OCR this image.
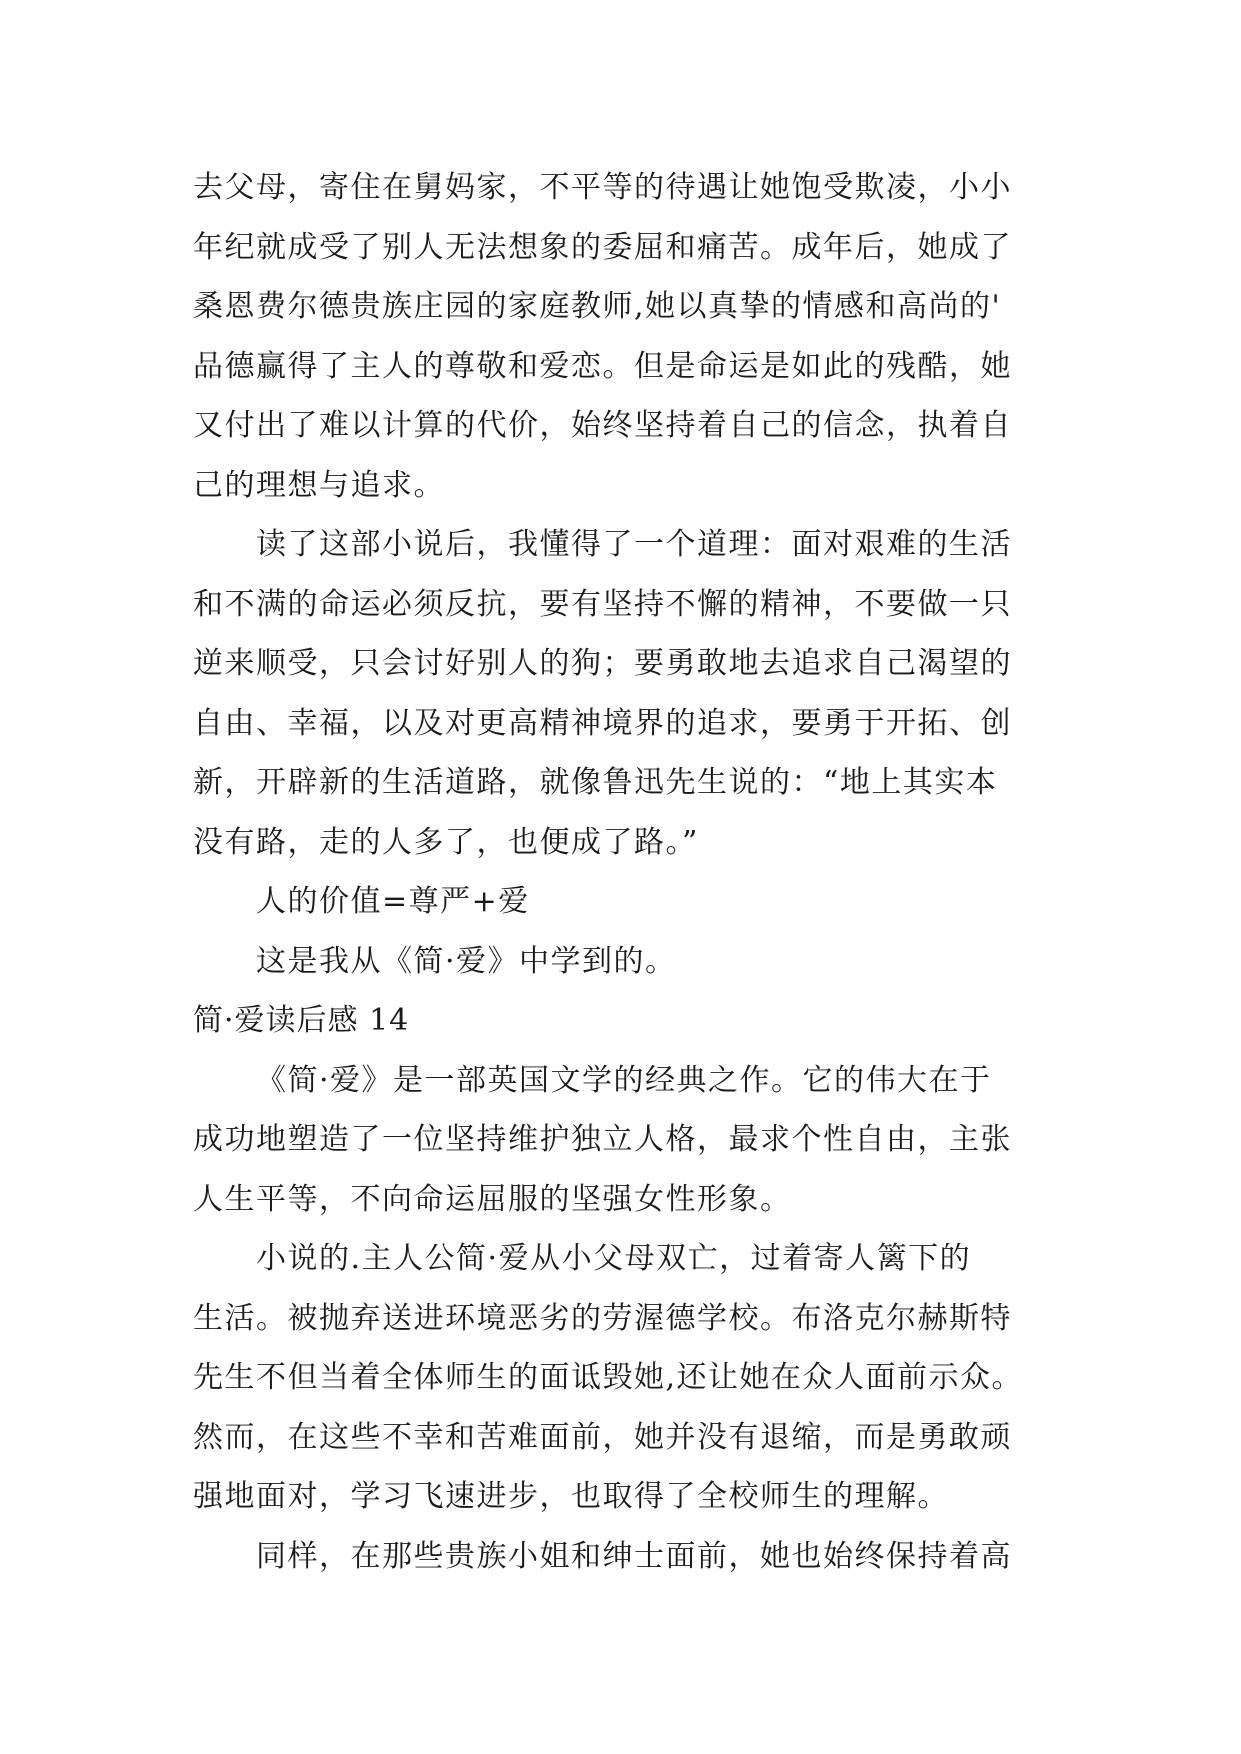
去父母，寄住在舅妈家，不平等的待遇让她饱受欺凌，小小
年纪就成受了别人无法想象的委屈和痛苦。成年后，她成了
桑恩费尔德贵族庄园的家庭教师,她以真挚的情感和高尚的'
品德赢得了主人的尊敬和爱恋。但是命运是如此的残酷，她
又付出了难以计算的代价，始终坚持着自己的信念，执着自
己的理想与追求。
读了这部小说后，我懂得了一个道理：面对艰难的生活
和不满的命运必须反抗，要有坚持不懈的精神，不要做一只
逆来顺受，只会讨好别人的狗；要勇敢地去追求自己渴望的
自由、幸福，以及对更高精神境界的追求，要勇于开拓、创
新，开辟新的生活道路，就像鲁迅先生说的：“地上其实本
没有路，走的人多了，也便成了路。”
人的价值=尊严+爱
这是我从《简·爱》中学到的。
简·爱读后感 14
《简·爱》是一部英国文学的经典之作。它的伟大在于
成功地塑造了一位坚持维护独立人格，最求个性自由，主张
人生平等，不向命运屈服的坚强女性形象。
小说的.主人公简·爱从小父母双亡，过着寄人篱下的
生活。被抛弃送进环境恶劣的劳渥德学校。布洛克尔赫斯特
先生不但当着全体师生的面诋毁她,还让她在众人面前示众。
然而，在这些不幸和苦难面前，她并没有退缩，而是勇敢顽
强地面对，学习飞速进步，也取得了全校师生的理解。
同样，在那些贵族小姐和绅士面前，她也始终保持着高
